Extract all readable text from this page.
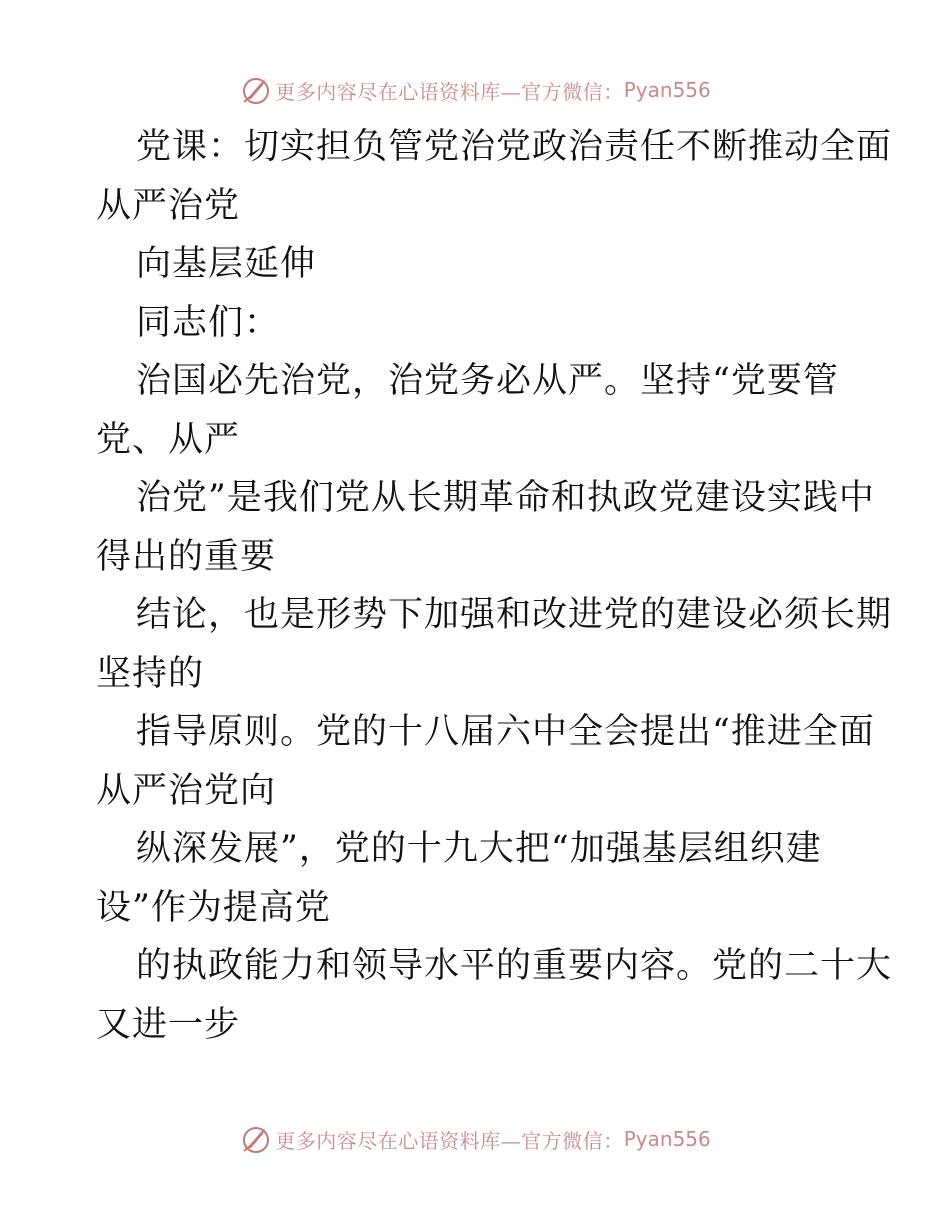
更多内容尽在心语资料库—官方微信： Pyan556
党课：切实担负管党治党政治责任不断推动全面
从严治党
向基层延伸
同志们：
治国必先治党，治党务必从严。坚持“党要管
党、从严
治党”是我们党从长期革命和执政党建设实践中
得出的重要
结论，也是形势下加强和改进党的建设必须长期
坚持的
指导原则。党的十八届六中全会提出“推进全面
从严治党向
纵深发展”，党的十九大把“加强基层组织建
设”作为提高党
的执政能力和领导水平的重要内容。党的二十大
又进一步
更多内容尽在心语资料库—官方微信： Pyan556
